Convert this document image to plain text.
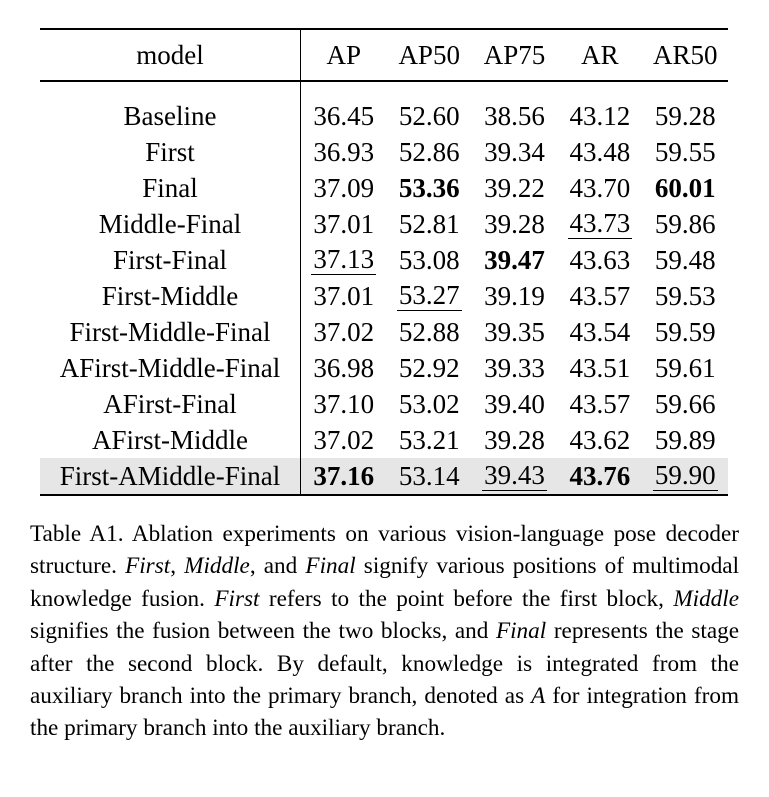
model	AP	AP50	AP75	AR	AR50
Baseline	36.45	52.60	38.56	43.12	59.28
First	36.93	52.86	39.34	43.48	59.55
Final	37.09	53.36	39.22	43.70	60.01
Middle-Final	37.01	52.81	39.28	43.73	59.86
First-Final	37.13	53.08	39.47	43.63	59.48
First-Middle	37.01	53.27	39.19	43.57	59.53
First-Middle-Final	37.02	52.88	39.35	43.54	59.59
AFirst-Middle-Final	36.98	52.92	39.33	43.51	59.61
AFirst-Final	37.10	53.02	39.40	43.57	59.66
AFirst-Middle	37.02	53.21	39.28	43.62	59.89
First-AMiddle-Final	37.16	53.14	39.43	43.76	59.90
Table A1. Ablation experiments on various vision-language pose decoder structure. First, Middle, and Final signify various positions of multimodal knowledge fusion. First refers to the point before the first block, Middle signifies the fusion between the two blocks, and Final represents the stage after the second block. By default, knowledge is integrated from the auxiliary branch into the primary branch, denoted as A for integration from the primary branch into the auxiliary branch.
